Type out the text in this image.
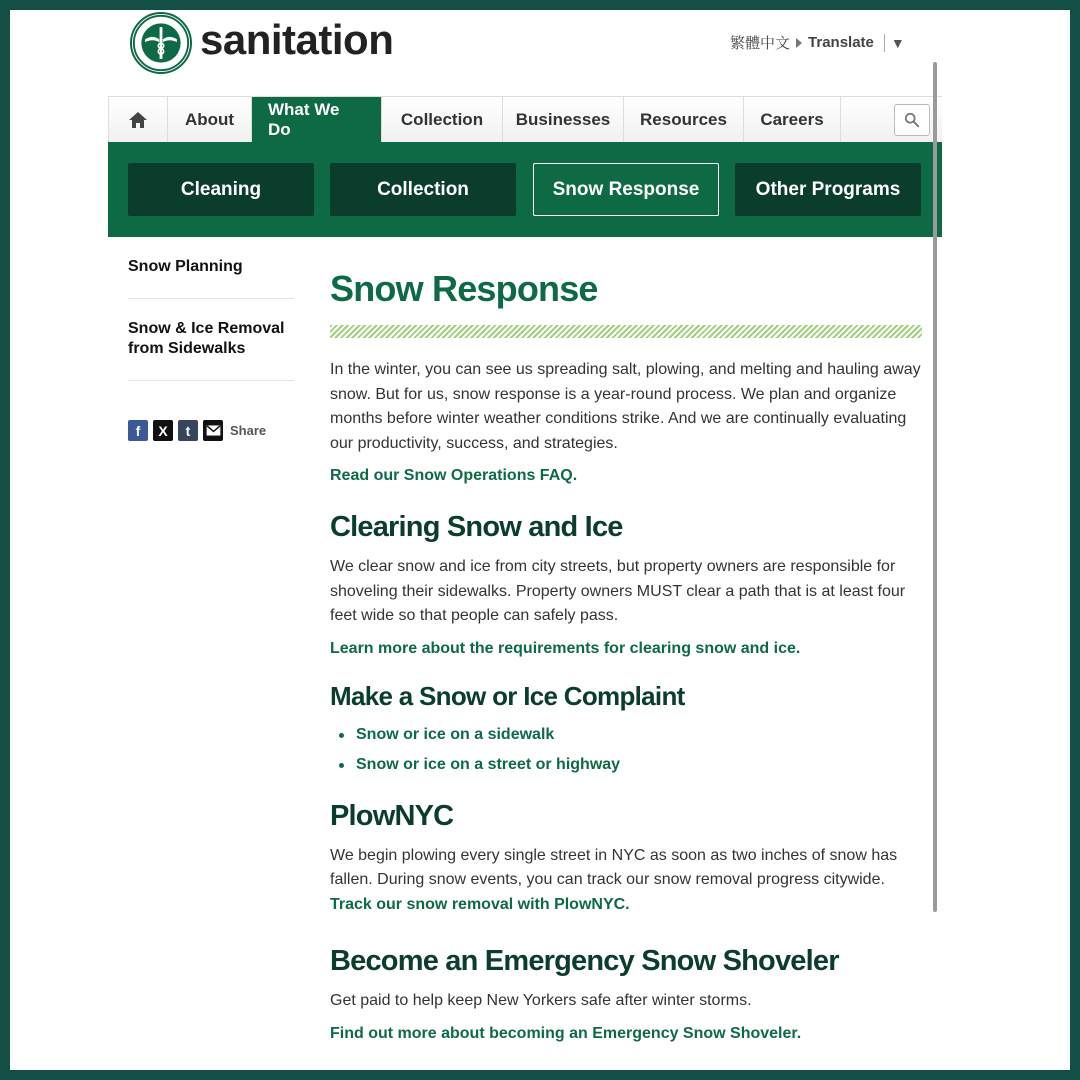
sanitation	繁體中文 Translate ▼
About
What We Do
Collection	Businesses	Resources	Careers
Cleaning	Collection	Snow Response	Other Programs
Snow Planning
Snow & Ice Removal from Sidewalks
f	X	t	Share
Snow Response

In the winter, you can see us spreading salt, plowing, and melting and hauling away snow. But for us, snow response is a year-round process. We plan and organize months before winter weather conditions strike. And we are continually evaluating our productivity, success, and strategies.

Read our Snow Operations FAQ.
Clearing Snow and Ice

We clear snow and ice from city streets, but property owners are responsible for shoveling their sidewalks. Property owners MUST clear a path that is at least four feet wide so that people can safely pass.

Learn more about the requirements for clearing snow and ice.
Make a Snow or Ice Complaint
Snow or ice on a sidewalk
Snow or ice on a street or highway
PlowNYC

We begin plowing every single street in NYC as soon as two inches of snow has fallen. During snow events, you can track our snow removal progress citywide. Track our snow removal with PlowNYC.

Become an Emergency Snow Shoveler

Get paid to help keep New Yorkers safe after winter storms.

Find out more about becoming an Emergency Snow Shoveler.
